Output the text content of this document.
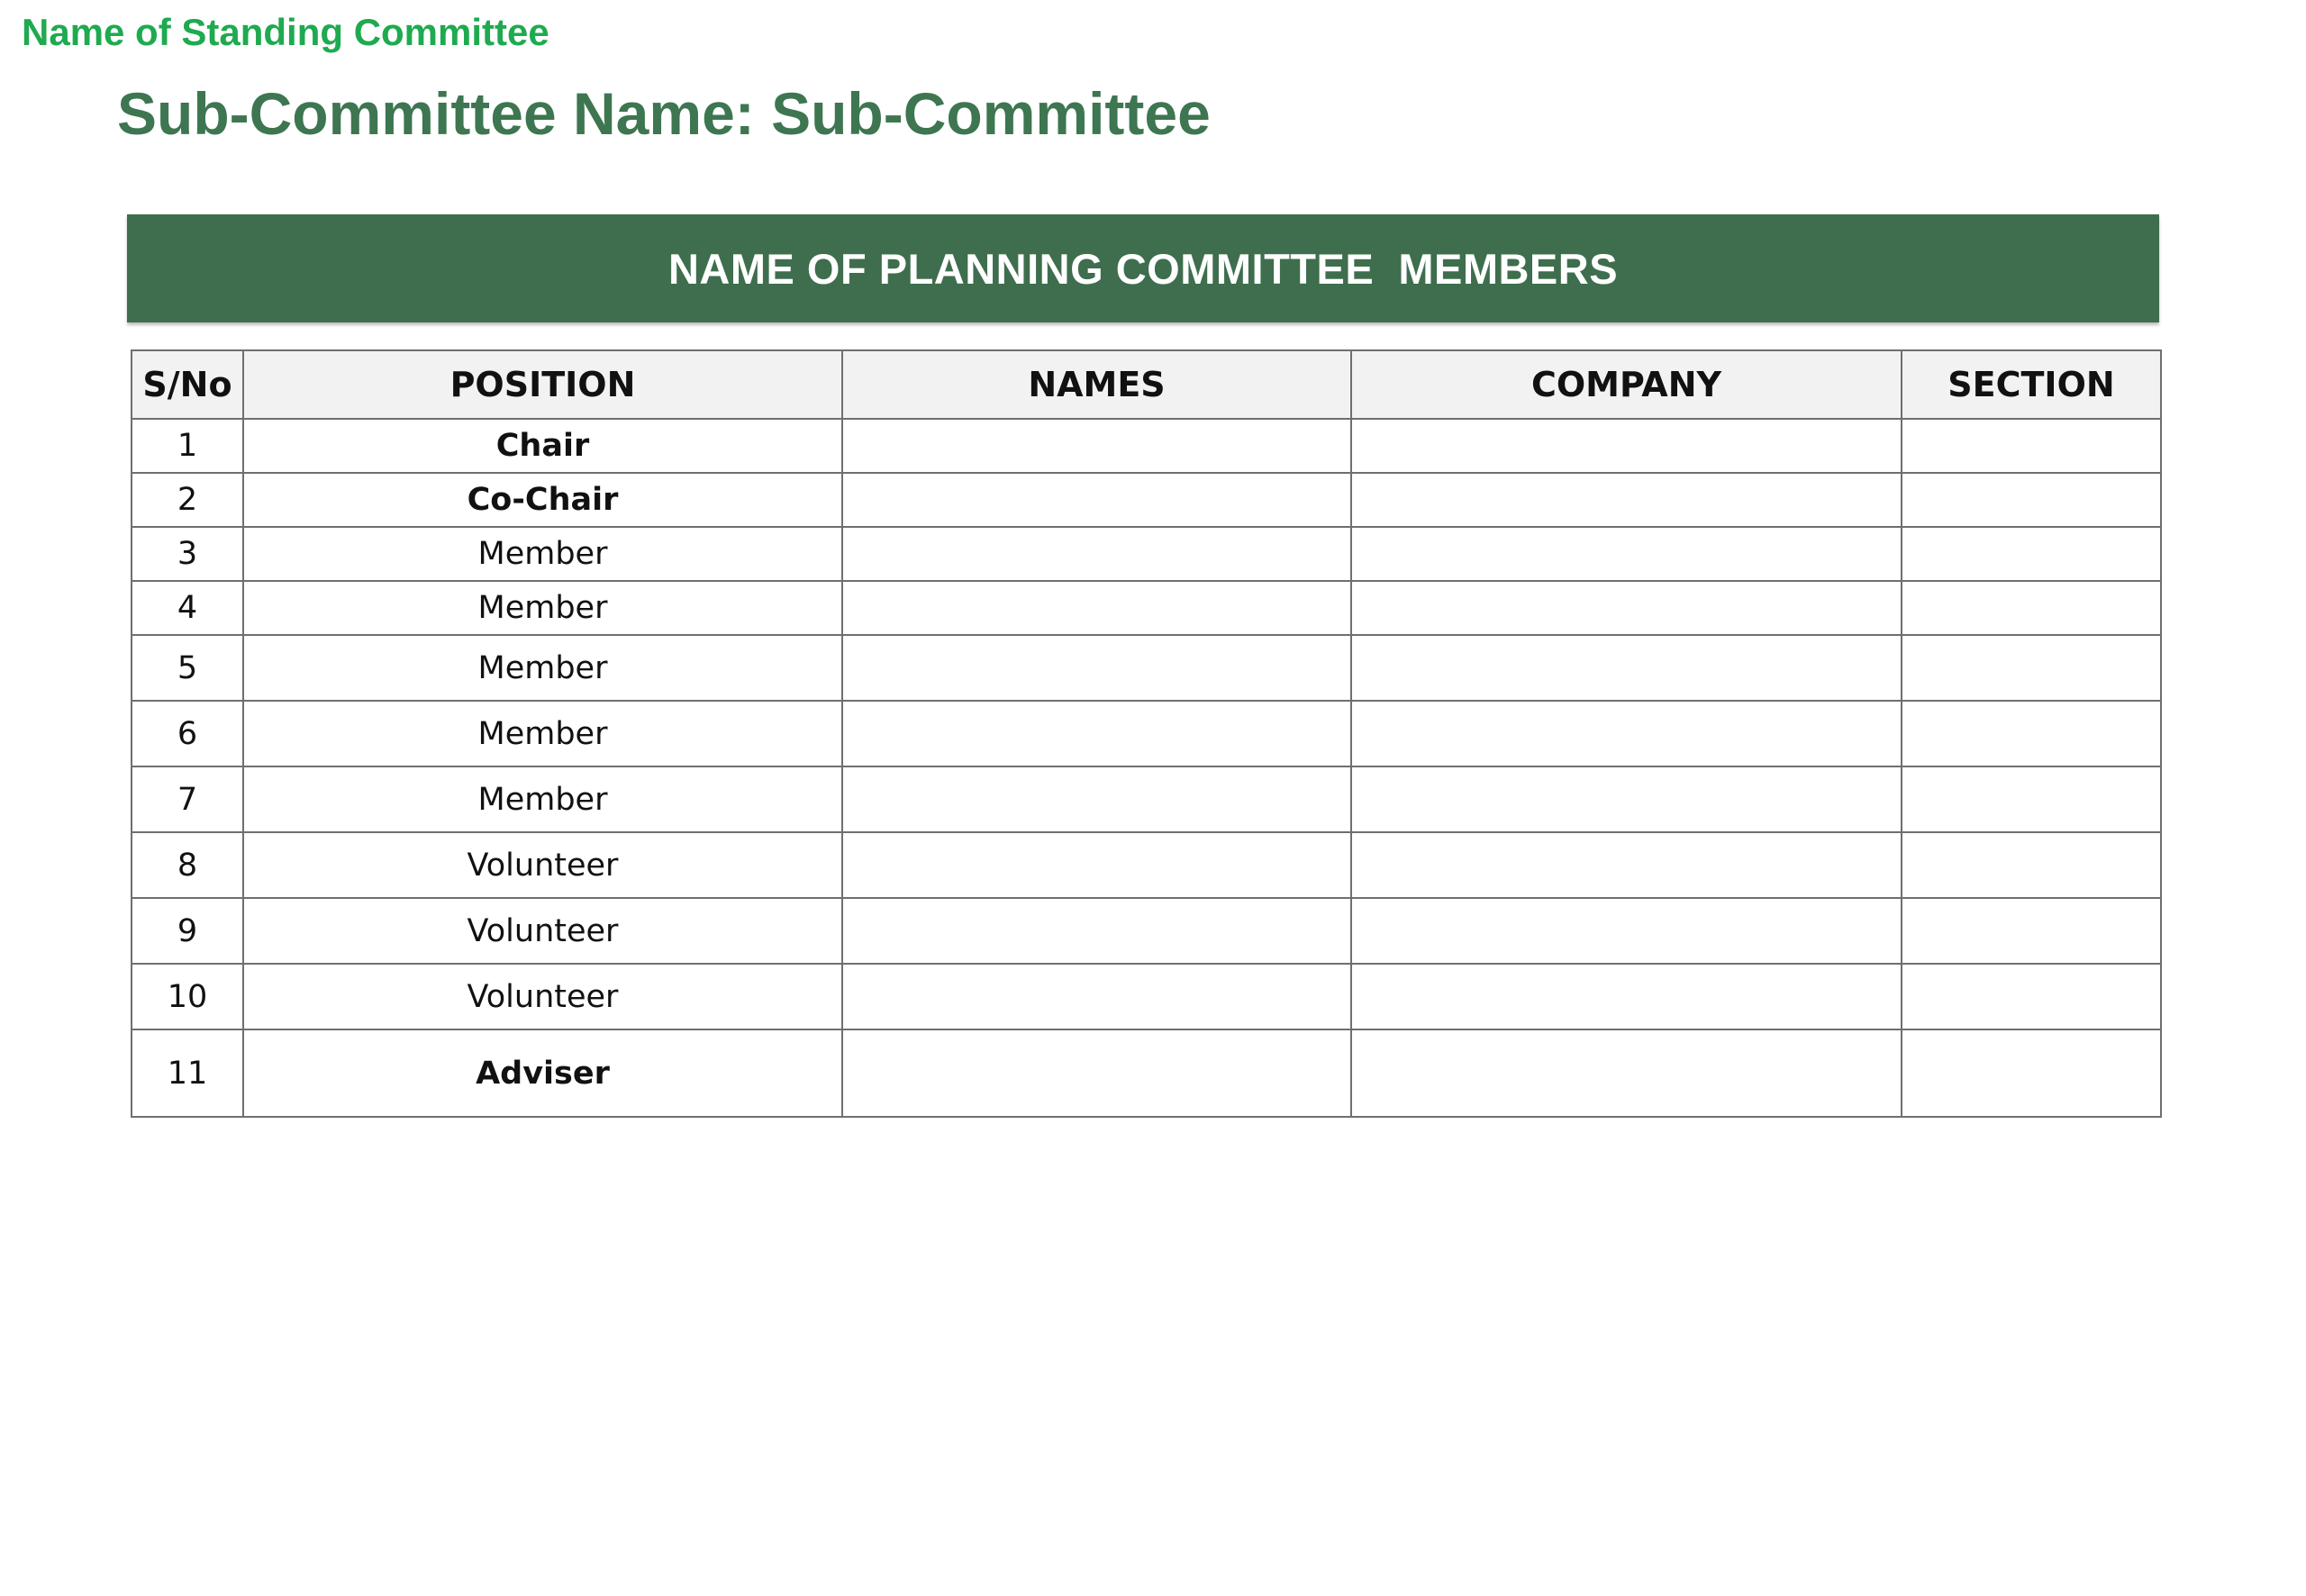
Name of Standing Committee
Sub-Committee Name: Sub-Committee
NAME OF PLANNING COMMITTEE  MEMBERS
S/No	POSITION	NAMES	COMPANY	SECTION
1	Chair			
2	Co-Chair			
3	Member			
4	Member			
5	Member			
6	Member			
7	Member			
8	Volunteer			
9	Volunteer			
10	Volunteer			
11	Adviser			
